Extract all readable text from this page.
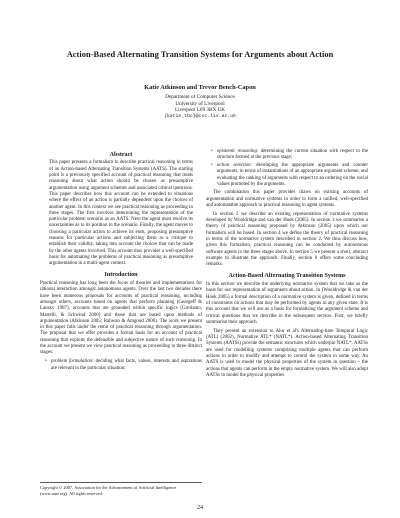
Action-Based Alternating Transition Systems for Arguments about Action
Katie Atkinson and Trevor Bench-Capon
Department of Computer Science
University of Liverpool
Liverpool L69 3BX UK
{katie,tbc}@csc.liv.ac.uk
Abstract

This paper presents a formalism to describe practical reasoning in terms of an Action-based Alternating Transition Systems (AATS). The starting point is a previously specified account of practical reasoning that treats reasoning about what action should be chosen as presumptive argumentation using argument schemes and associated critical questions. This paper describes how this account can be extended to situations where the effect of an action is partially dependent upon the choices of another agent. In this context we see practical reasoning as proceeding in three stages. The first involves determining the representation of the particular problem scenario as an AATS. Next the agent must resolve its uncertainties as to its position in the scenario. Finally, the agent moves to choosing a particular action to achieve its ends, proposing presumptive reasons for particular actions and subjecting them to a critique to establish their validity, taking into account the choices that can be made by the other agents involved. This account thus provides a well-specified basis for automating the problems of practical reasoning as presumptive argumentation in a multi-agent context.

Introduction

Practical reasoning has long been the focus of theories and implementations for rational interaction amongst autonomous agents. Over the last two decades there have been numerous proposals for accounts of practical reasoning, including amongst others, accounts based on agents that perform planning (Georgeff & Lansky 1987), accounts that are grounded within specific logics (Girolamo, Martelli, & Schwind 2000) and those that are based upon methods of argumentation (Atkinson 2005; Rahwan & Amgoud 2006). The work we present in this paper falls under the remit of practical reasoning through argumentation. The proposal that we offer provides a formal basis for an account of practical reasoning that exploits the defeasible and subjective nature of such reasoning. In the account we present we view practical reasoning as proceeding in three distinct stages:

• problem formulation: deciding what facts, values, interests and aspirations are relevant in the particular situation;
Copyright © 2007, Association for the Advancement of Artificial Intelligence (www.aaai.org). All rights reserved.
• epistemic reasoning: determining the current situation with respect to the structure formed at the previous stage;
• action selection: developing the appropriate arguments and counter arguments, in terms of instantiations of an appropriate argument scheme, and evaluating the ranking of arguments with respect to an ordering on the social values promoted by the arguments.

The combination this paper provides draws on existing accounts of argumentation and normative systems in order to form a unified, well-specified and automatable approach to practical reasoning in agent systems.

In section 2 we describe an existing representation of normative systems developed by Wooldridge and van der Hoek (2005). In section 3 we summarise a theory of practical reasoning proposed by Atkinson (2005) upon which our formalism will be based. In section 4 we define the theory of practical reasoning in terms of the normative system described in section 2. We thus discuss how, given this formalism, practical reasoning can be conducted by autonomous software agents in the three stages above. In section 5 we present a short, abstract example to illustrate the approach. Finally, section 6 offers some concluding remarks.

Action-Based Alternating Transition Systems

In this section we describe the underlying normative system that we take as the basis for our representation of arguments about action. In (Wooldridge & van der Hoek 2005) a formal description of a normative system is given, defined in terms of constraints on actions that may be performed by agents in any given state. It is this account that we will use as a basis for formalising the argument scheme and critical questions that we describe in the subsequent section. First, we briefly summarise their approach.

They present an extension to Alur et al's Alternating-time Temporal Logic (ATL) (2002), Normative ATL* (NATL*). Action-based Alternating Transition Systems (AATSs) provide the semantic structures which underpin NATL*. AATSs are used for modelling systems comprising multiple agents that can perform actions in order to modify and attempt to control the system in some way. An AATS is used to model the physical properties of the system in question – the actions that agents can perform in the empty normative system. We will also adopt AATSs to model the physical properties

24
